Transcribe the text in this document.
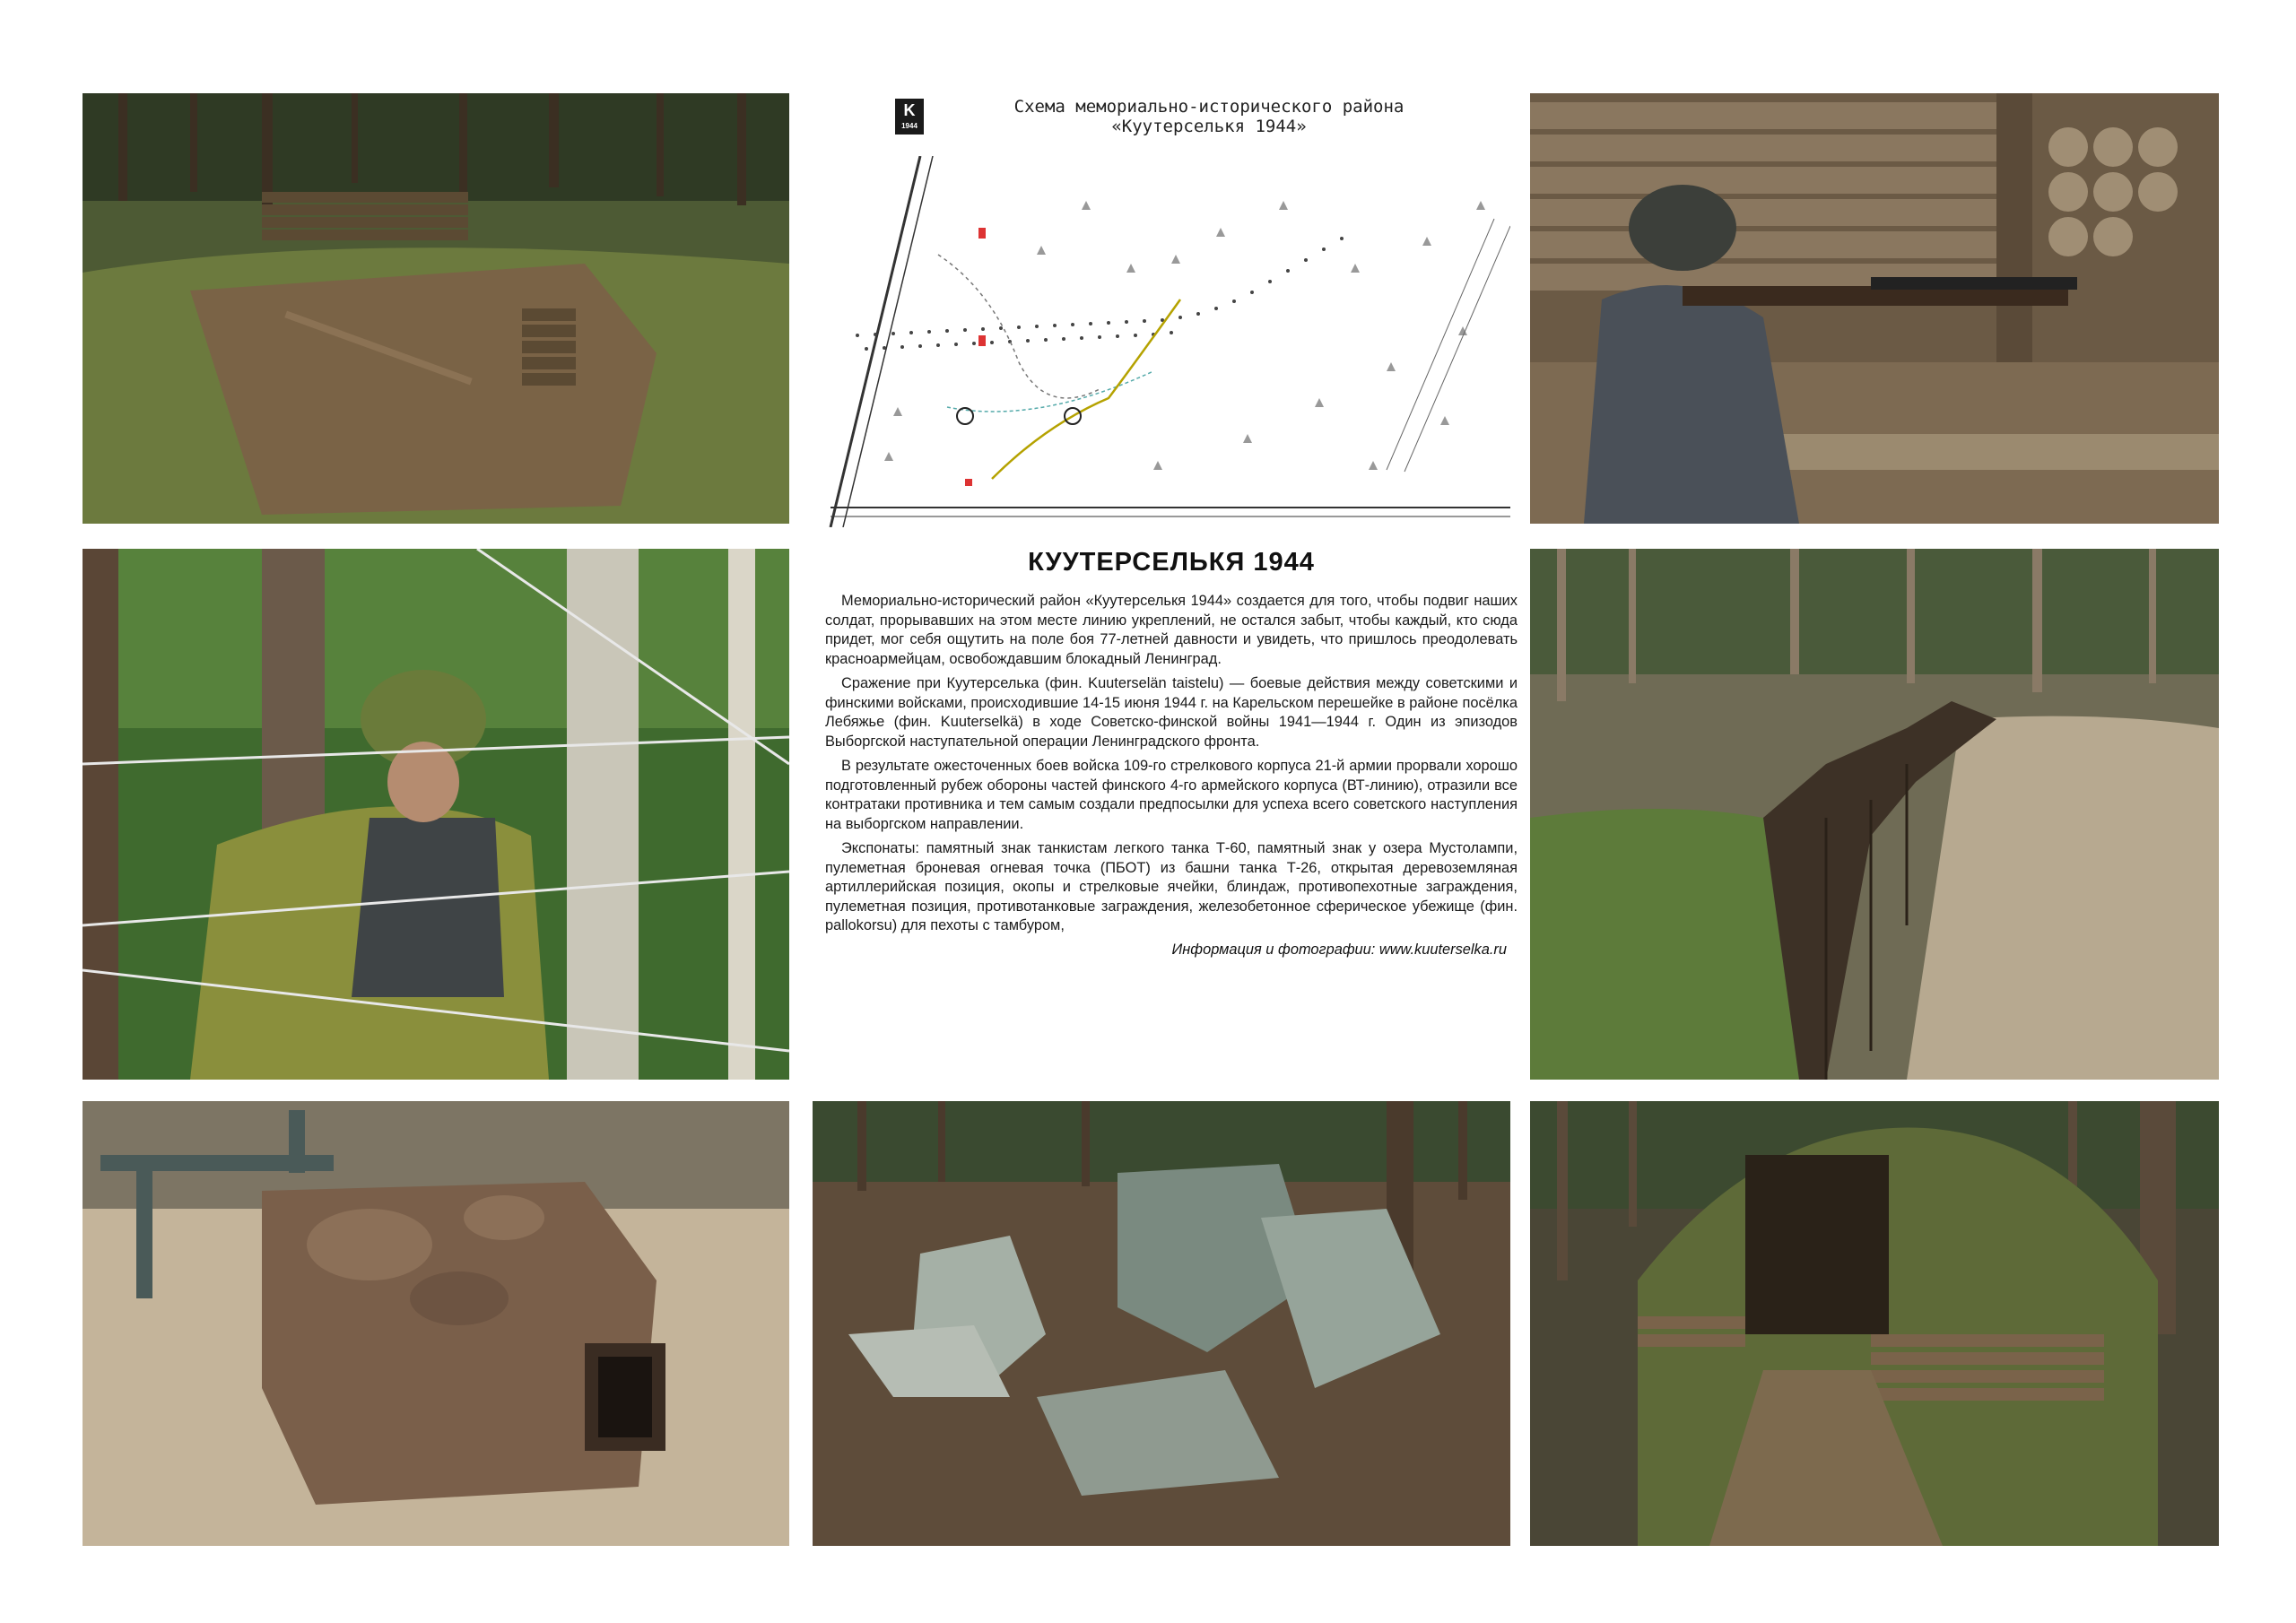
K
1944
Схема мемориально-исторического района
«Куутерселькя 1944»
КУУТЕРСЕЛЬКЯ 1944

Мемориально-исторический район «Куутерселькя 1944» создается для того, чтобы подвиг наших солдат, прорывавших на этом месте линию укреплений, не остался забыт, чтобы каждый, кто сюда придет, мог себя ощутить на поле боя 77-летней давности и увидеть, что пришлось преодолевать красноармейцам, освобождавшим блокадный Ленинград.

Сражение при Куутерселька (фин. Kuuterselän taistelu) — боевые действия между советскими и финскими войсками, происходившие 14-15 июня 1944 г. на Карельском перешейке в районе посёлка Лебяжье (фин. Kuuterselkä) в ходе Советско-финской войны 1941—1944 г. Один из эпизодов Выборгской наступательной операции Ленинградского фронта.

В результате ожесточенных боев войска 109-го стрелкового корпуса 21-й армии прорвали хорошо подготовленный рубеж обороны частей финского 4-го армейского корпуса (ВТ-линию), отразили все контратаки противника и тем самым создали предпосылки для успеха всего советского наступления на выборгском направлении.

Экспонаты: памятный знак танкистам легкого танка Т-60, памятный знак у озера Мустолампи, пулеметная броневая огневая точка (ПБОТ) из башни танка Т-26, открытая деревоземляная артиллерийская позиция, окопы и стрелковые ячейки, блиндаж, противопехотные заграждения, пулеметная позиция, противотанковые заграждения, железобетонное сферическое убежище (фин. pallokorsu) для пехоты с тамбуром,

Информация и фотографии: www.kuuterselka.ru
